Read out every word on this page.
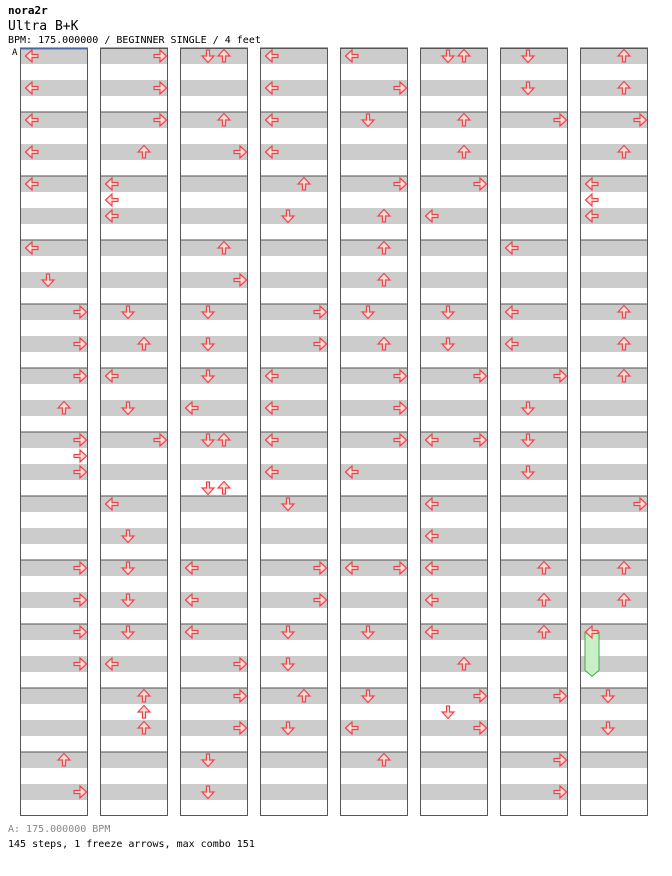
nora2r
Ultra B+K
BPM: 175.000000 / BEGINNER SINGLE / 4 feet
A
A: 175.000000 BPM
145 steps, 1 freeze arrows, max combo 151
